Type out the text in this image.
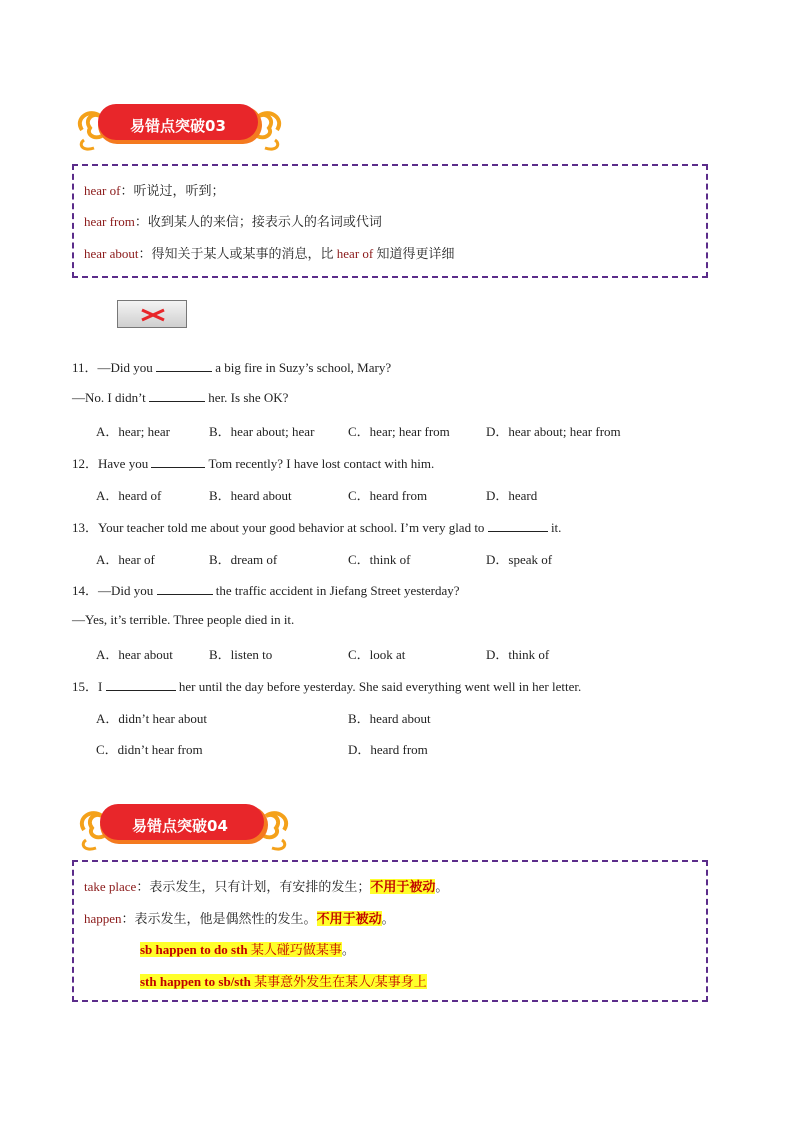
易错点突破03
hear of：听说过，听到；
hear from：收到某人的来信；接表示人的名词或代词
hear about：得知关于某人或某事的消息，比 hear of 知道得更详细
11．—Did you	a big fire in Suzy’s school, Mary?
—No. I didn’t	her. Is she OK?
A．hear; hear	B．hear about; hear	C．hear; hear from	D．hear about; hear from
12．Have you	Tom recently? I have lost contact with him.
A．heard of	B．heard about	C．heard from	D．heard
13．Your teacher told me about your good behavior at school. I’m very glad to	it.
A．hear of	B．dream of	C．think of	D．speak of
14．—Did you	the traffic accident in Jiefang Street yesterday?
—Yes, it’s terrible. Three people died in it.
A．hear about	B．listen to	C．look at	D．think of
15．I	her until the day before yesterday. She said everything went well in her letter.
A．didn’t hear about	B．heard about
C．didn’t hear from	D．heard from
易错点突破04
take place：表示发生，只有计划，有安排的发生；不用于被动。
happen：表示发生，他是偶然性的发生。不用于被动。
sb happen to do sth 某人碰巧做某事。
sth happen to sb/sth 某事意外发生在某人/某事身上
